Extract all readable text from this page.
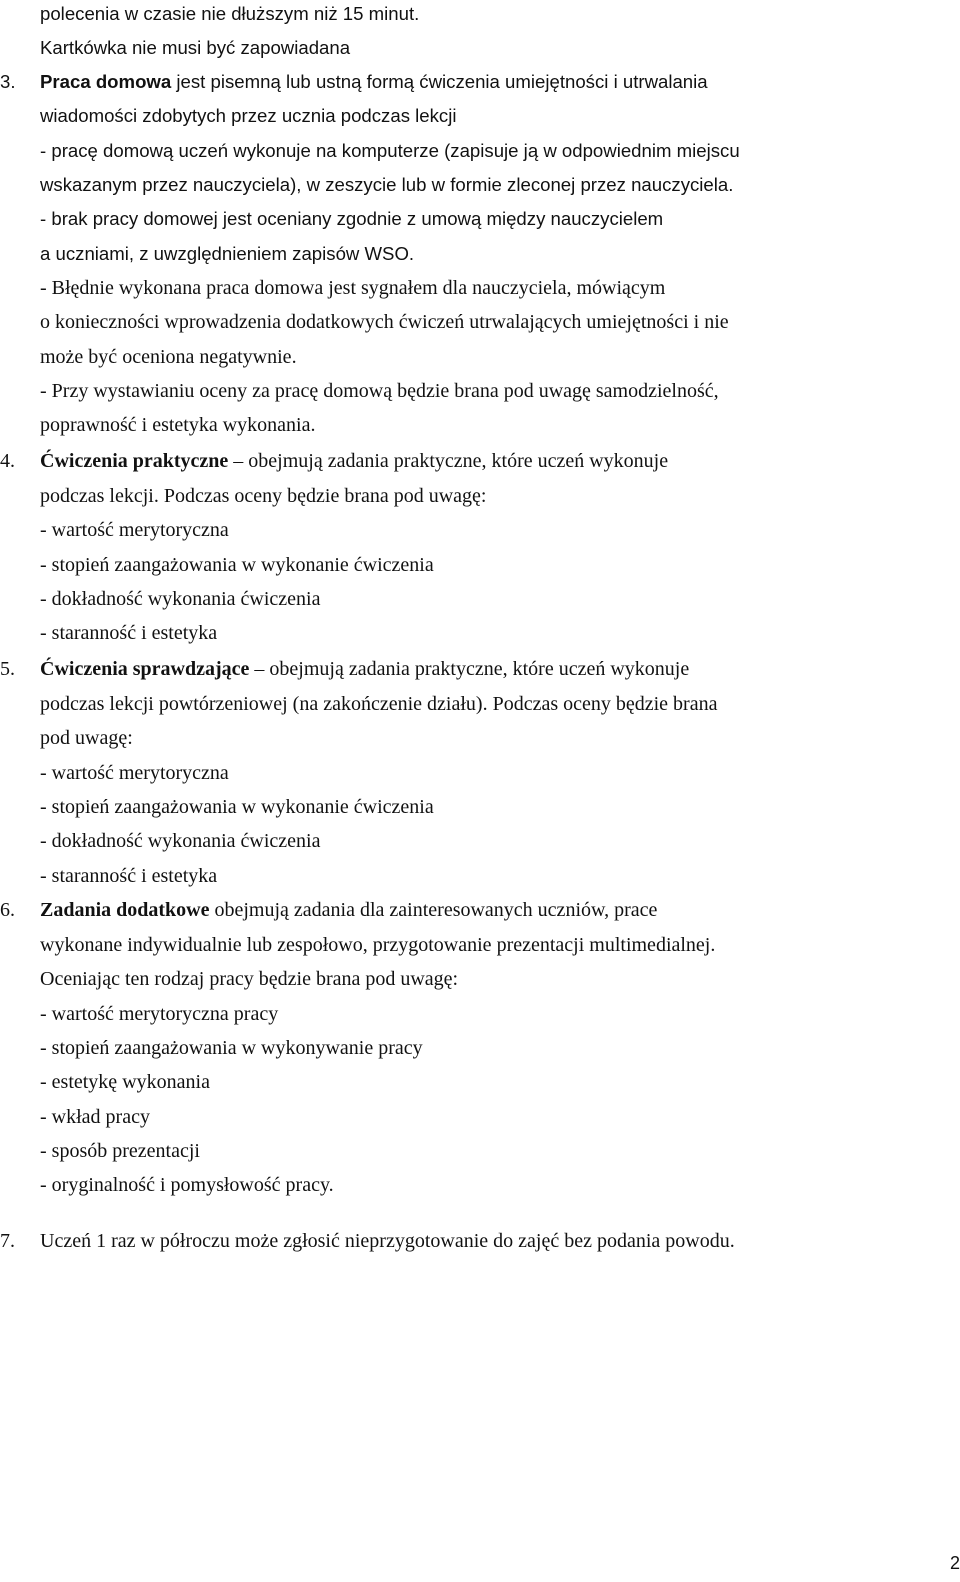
polecenia w czasie nie dłuższym niż 15 minut.

Kartkówka nie musi być zapowiadana

3. Praca domowa jest pisemną lub ustną formą ćwiczenia umiejętności i utrwalania

wiadomości zdobytych przez ucznia podczas lekcji

- pracę domową uczeń wykonuje na komputerze (zapisuje ją w odpowiednim miejscu

wskazanym przez nauczyciela), w zeszycie lub w formie zleconej przez nauczyciela.

- brak pracy domowej jest oceniany zgodnie z umową między nauczycielem

a uczniami, z uwzględnieniem zapisów WSO.

- Błędnie wykonana praca domowa jest sygnałem dla nauczyciela, mówiącym

o konieczności wprowadzenia dodatkowych ćwiczeń utrwalających umiejętności i nie

może być oceniona negatywnie.

- Przy wystawianiu oceny za pracę domową będzie brana pod uwagę samodzielność,

poprawność i estetyka wykonania.

4. Ćwiczenia praktyczne – obejmują zadania praktyczne, które uczeń wykonuje

podczas lekcji. Podczas oceny będzie brana pod uwagę:

- wartość merytoryczna

- stopień zaangażowania w wykonanie ćwiczenia

- dokładność wykonania ćwiczenia

- staranność i estetyka

5. Ćwiczenia sprawdzające – obejmują zadania praktyczne, które uczeń wykonuje

podczas lekcji powtórzeniowej (na zakończenie działu). Podczas oceny będzie brana

pod uwagę:

- wartość merytoryczna

- stopień zaangażowania w wykonanie ćwiczenia

- dokładność wykonania ćwiczenia

- staranność i estetyka

6. Zadania dodatkowe obejmują zadania dla zainteresowanych uczniów, prace

wykonane indywidualnie lub zespołowo, przygotowanie prezentacji multimedialnej.

Oceniając ten rodzaj pracy będzie brana pod uwagę:

- wartość merytoryczna pracy

- stopień zaangażowania w wykonywanie pracy

- estetykę wykonania

- wkład pracy

- sposób prezentacji

- oryginalność i pomysłowość pracy.

7. Uczeń 1 raz w półroczu może zgłosić nieprzygotowanie do zajęć bez podania powodu.

2
